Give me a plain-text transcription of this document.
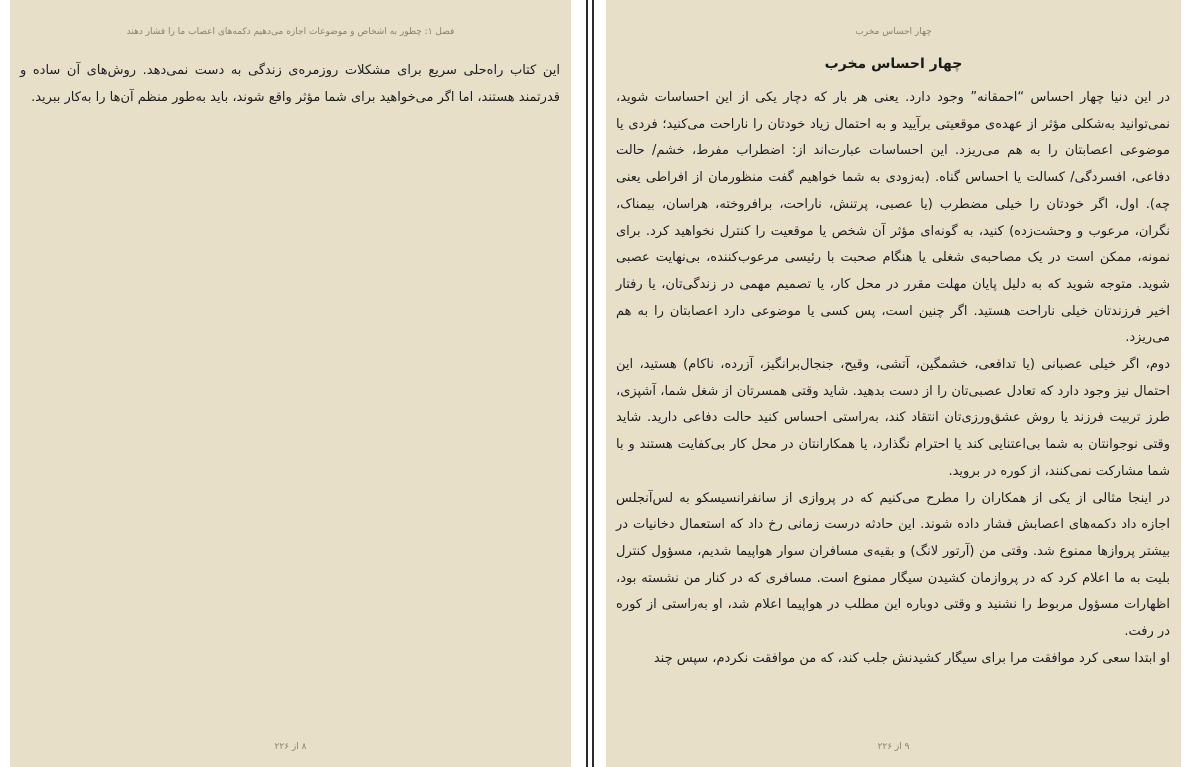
فصل ۱: چطور به اشخاص و موضوعات اجازه می‌دهیم دکمه‌های اعصاب ما را فشار دهند

این کتاب راه‌حلی سریع برای مشکلات روزمره‌ی زندگی به دست نمی‌دهد. روش‌های آن ساده و قدرتمند هستند، اما اگر می‌خواهید برای شما مؤثر واقع شوند، باید به‌طور منظم آن‌ها را به‌کار ببرید.

۸ از ۲۲۶
چهار احساس مخرب
چهار احساس مخرب

در این دنیا چهار احساس “احمقانه” وجود دارد. یعنی هر بار که دچار یکی از این احساسات شوید، نمی‌توانید به‌شکلی مؤثر از عهده‌ی موقعیتی برآیید و به احتمال زیاد خودتان را ناراحت می‌کنید؛ فردی یا موضوعی اعصابتان را به هم می‌ریزد. این احساسات عبارت‌اند از: اضطراب مفرط، خشم/ حالت دفاعی، افسردگی/ کسالت یا احساس گناه. (به‌زودی به شما خواهیم گفت منظورمان از افراطی یعنی چه). اول، اگر خودتان را خیلی مضطرب (یا عصبی، پرتنش، ناراحت، برافروخته، هراسان، بیمناک، نگران، مرعوب و وحشت‌زده) کنید، به گونه‌ای مؤثر آن شخص یا موقعیت را کنترل نخواهید کرد. برای نمونه، ممکن است در یک مصاحبه‌ی شغلی یا هنگام صحبت با رئیسی مرعوب‌کننده، بی‌نهایت عصبی شوید. متوجه شوید که به دلیل پایان مهلت مقرر در محل کار، یا تصمیم مهمی در زندگی‌تان، یا رفتار اخیر فرزندتان خیلی ناراحت هستید. اگر چنین است، پس کسی یا موضوعی دارد اعصابتان را به هم می‌ریزد.

دوم، اگر خیلی عصبانی (یا تدافعی، خشمگین، آتشی، وقیح، جنجال‌برانگیز، آزرده، ناکام) هستید، این احتمال نیز وجود دارد که تعادل عصبی‌تان را از دست بدهید. شاید وقتی همسرتان از شغل شما، آشپزی، طرز تربیت فرزند یا روش عشق‌ورزی‌تان انتقاد کند، به‌راستی احساس کنید حالت دفاعی دارید. شاید وقتی نوجوانتان به شما بی‌اعتنایی کند یا احترام نگذارد، یا همکارانتان در محل کار بی‌کفایت هستند و با شما مشارکت نمی‌کنند، از کوره در بروید.

در اینجا مثالی از یکی از همکاران را مطرح می‌کنیم که در پروازی از سانفرانسیسکو به لس‌آنجلس اجازه داد دکمه‌های اعصابش فشار داده شوند. این حادثه درست زمانی رخ داد که استعمال دخانیات در بیشتر پروازها ممنوع شد. وقتی من (آرتور لانگ) و بقیه‌ی مسافران سوار هواپیما شدیم، مسؤول کنترل بلیت به ما اعلام کرد که در پروازمان کشیدن سیگار ممنوع است. مسافری که در کنار من نشسته بود، اظهارات مسؤول مربوط را نشنید و وقتی دوباره این مطلب در هواپیما اعلام شد، او به‌راستی از کوره در رفت.

او ابتدا سعی کرد موافقت مرا برای سیگار کشیدنش جلب کند، که من موافقت نکردم، سپس چند

۹ از ۲۲۶
